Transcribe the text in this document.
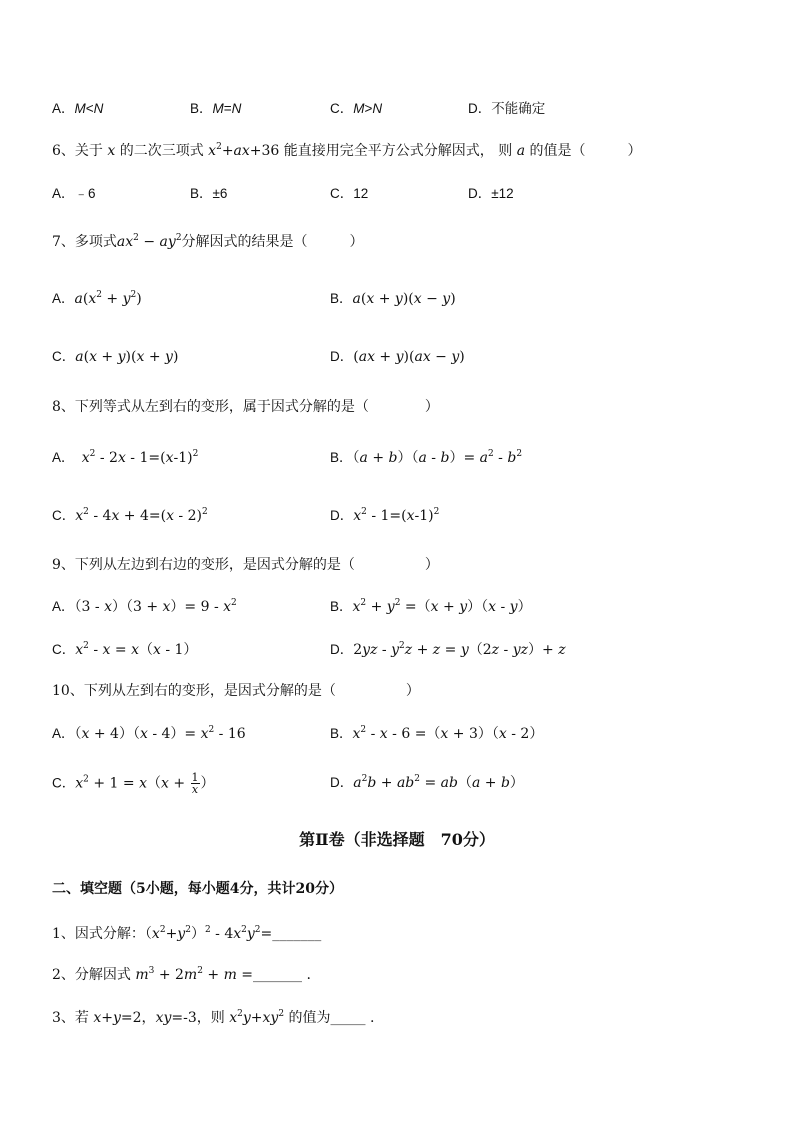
A．M<N	B．M=N	C．M>N	D．不能确定
6、关于 x 的二次三项式 $x^2+ax+36$ 能直接用完全平方公式分解因式， 则 a 的值是（　　　）
A．﹣6	B．±6	C．12	D．±12
7、多项式$ax^2 - ay^2$分解因式的结果是（　　　）
A．$a(x^2 + y^2)$	B．a(x + y)(x − y)
C．a(x + y)(x + y)	D．(ax + y)(ax − y)
8、下列等式从左到右的变形，属于因式分解的是（　　　　）
A．　 $x^2 - 2x - 1=(x-1)^2$	B．$(a + b)(a - b)= a^2 - b^2$
C．$x^2 - 4x + 4=(x - 2)^2$	D．$x^2 - 1=(x-1)^2$
9、下列从左边到右边的变形，是因式分解的是（　　　　　）
A．$(3 - x)(3 + x)= 9 - x^2$	B．$x^2 + y^2 =(x + y)(x - y)$
C．$x^2 - x = x(x - 1)$	D．$2yz - y^2z + z = y(2z - yz)+ z$
10、下列从左到右的变形，是因式分解的是（　　　　　）
A．$(x + 4)(x - 4)= x^2 - 16$	B．$x^2 - x - 6 =(x + 3)(x - 2)$
C．$x^2 + 1 = x(x + \frac{1}{x}$ ）	D．$a^2b + ab^2 = ab(a + b)$
第Ⅱ卷（非选择题　70分）
二、填空题（5小题，每小题4分，共计20分）
1、因式分解：$(x^2+y^2)^2$ - $4x^2y^2=\_\_\_\_\_\_\_$
2、分解因式 $m^3 + 2m^2 + m$ =_______ .
3、若 x+y=2，xy=-3，则 $x^2y+xy^2$ 的值为_____ .
